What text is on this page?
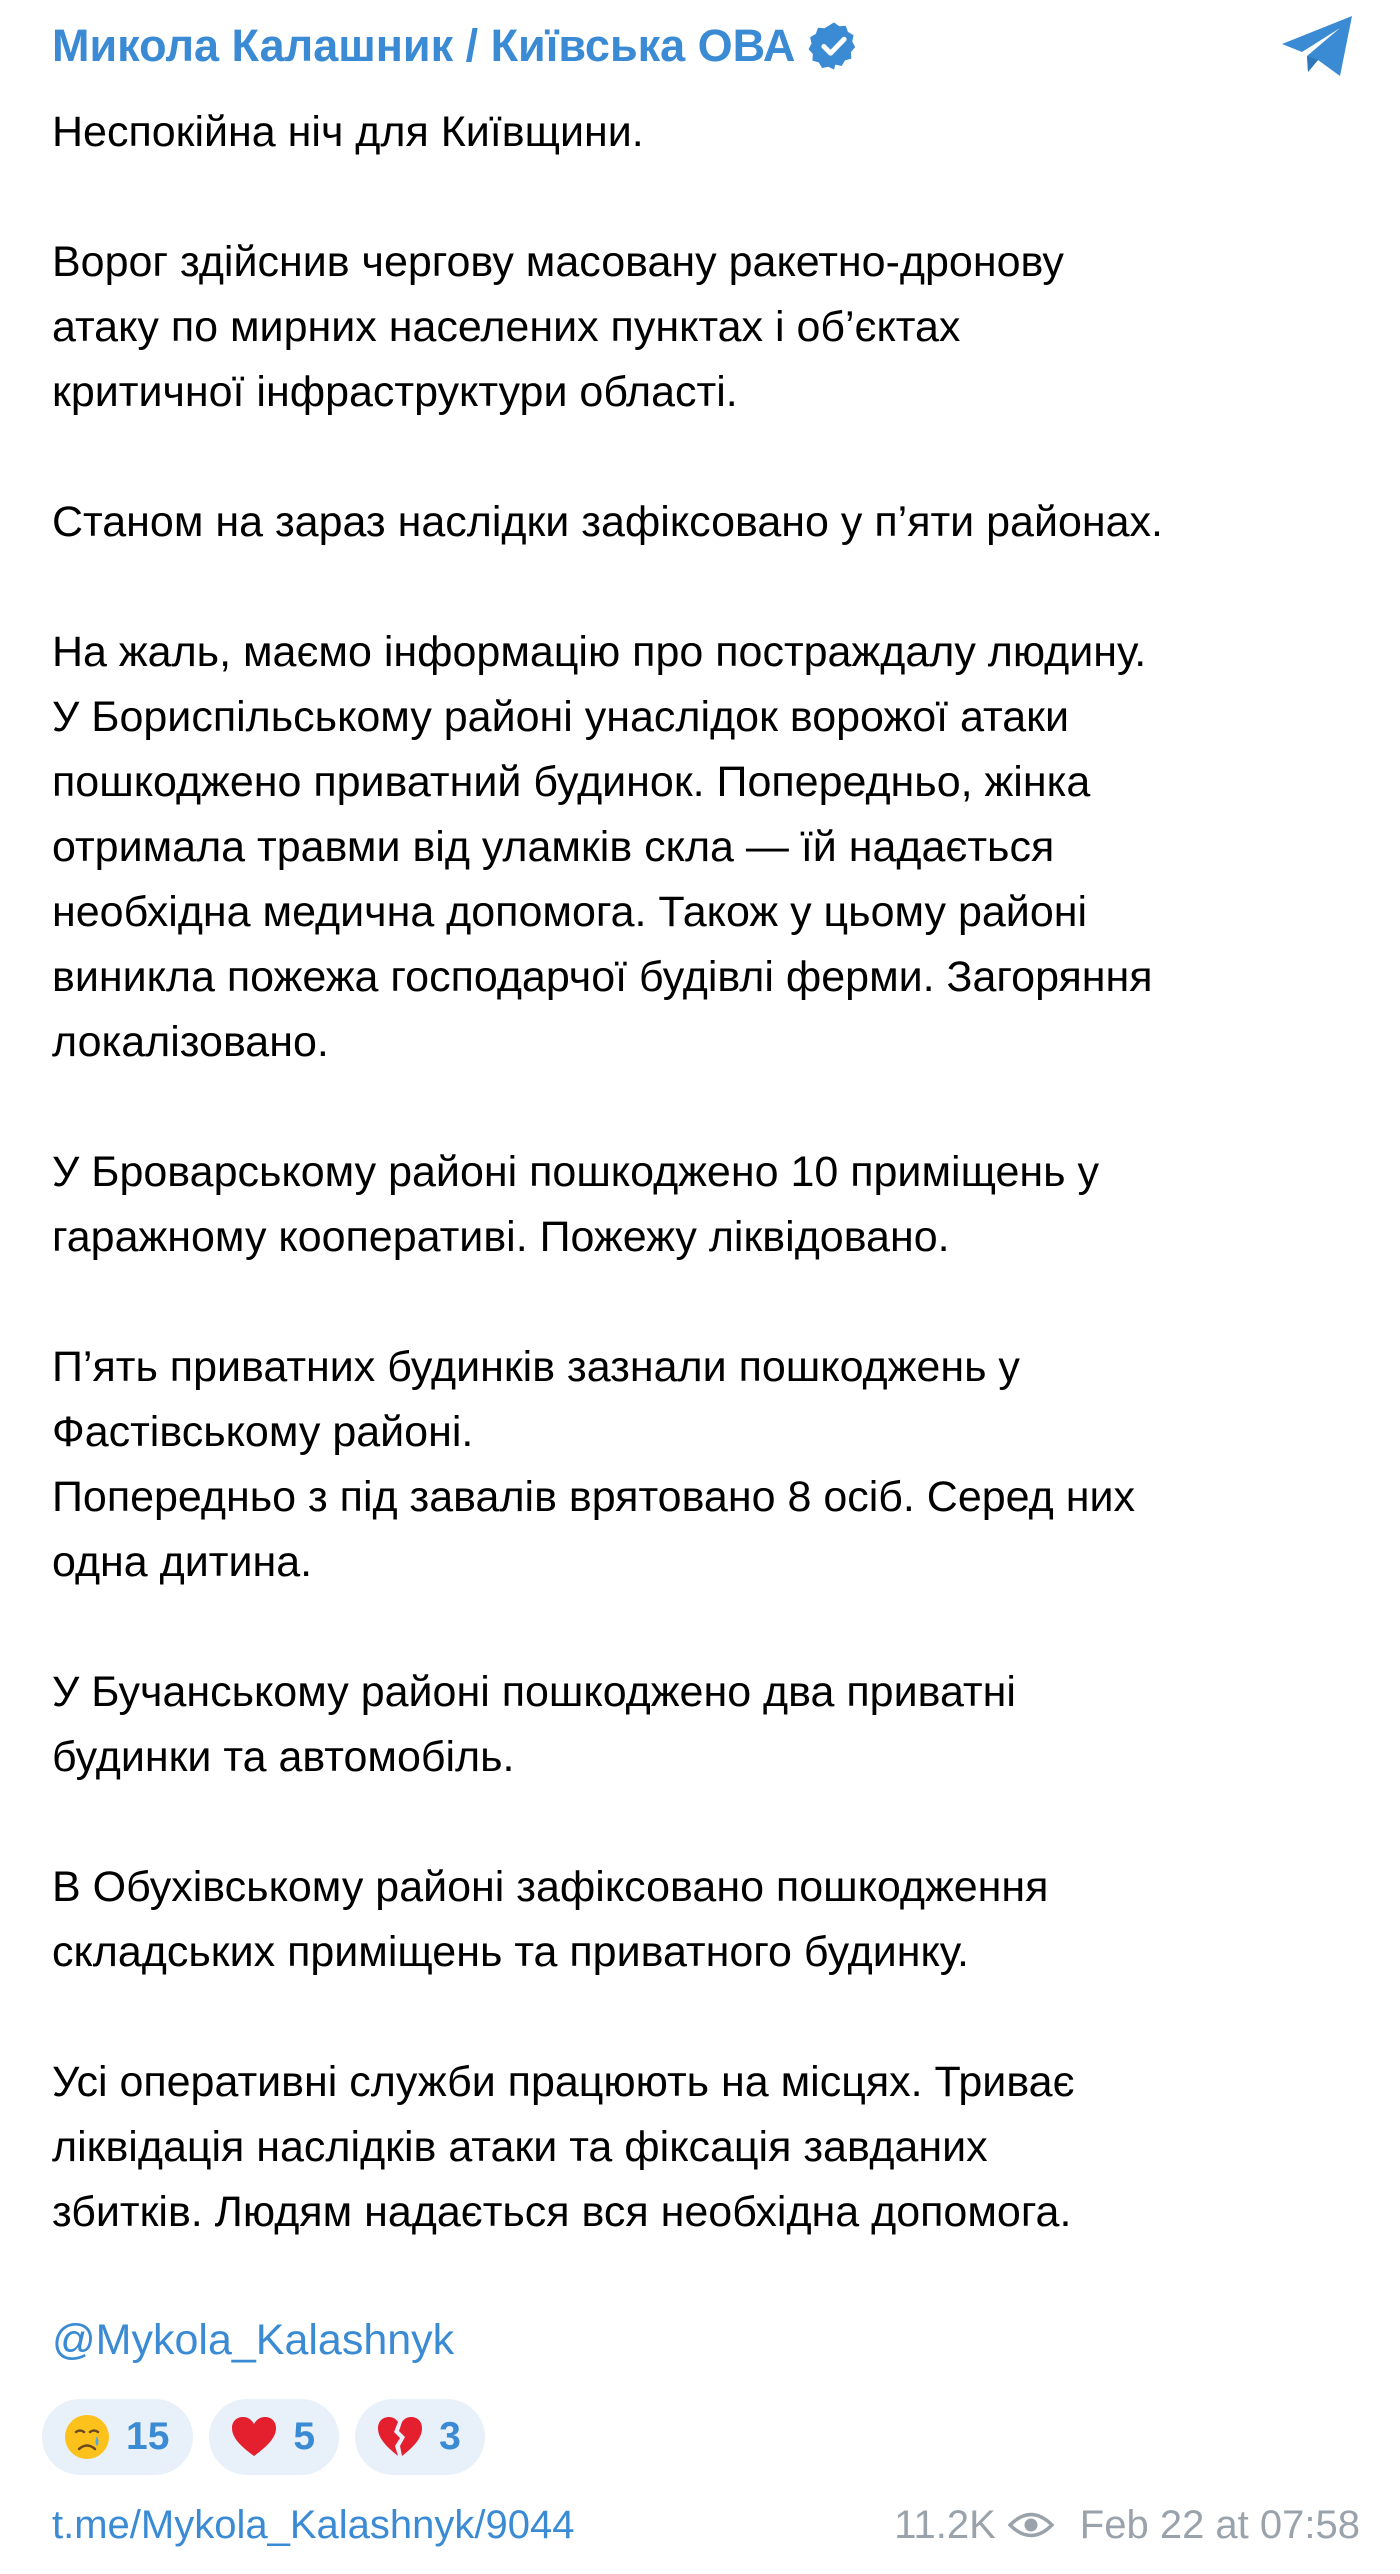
Микола Калашник / Київська ОВА
Неспокійна ніч для Київщини.
Ворог здійснив чергову масовану ракетно-дронову
атаку по мирних населених пунктах і об’єктах
критичної інфраструктури області.
Станом на зараз наслідки зафіксовано у п’яти районах.
На жаль, маємо інформацію про постраждалу людину.
У Бориспільському районі унаслідок ворожої атаки
пошкоджено приватний будинок. Попередньо, жінка
отримала травми від уламків скла — їй надається
необхідна медична допомога. Також у цьому районі
виникла пожежа господарчої будівлі ферми. Загоряння
локалізовано.
У Броварському районі пошкоджено 10 приміщень у
гаражному кооперативі. Пожежу ліквідовано.
П’ять приватних будинків зазнали пошкоджень у
Фастівському районі.
Попередньо з під завалів врятовано 8 осіб. Серед них
одна дитина.
У Бучанському районі пошкоджено два приватні
будинки та автомобіль.
В Обухівському районі зафіксовано пошкодження
складських приміщень та приватного будинку.
Усі оперативні служби працюють на місцях. Триває
ліквідація наслідків атаки та фіксація завданих
збитків. Людям надається вся необхідна допомога.
@Mykola_Kalashnyk
15	5	3
t.me/Mykola_Kalashnyk/9044	11.2K Feb 22 at 07:58
